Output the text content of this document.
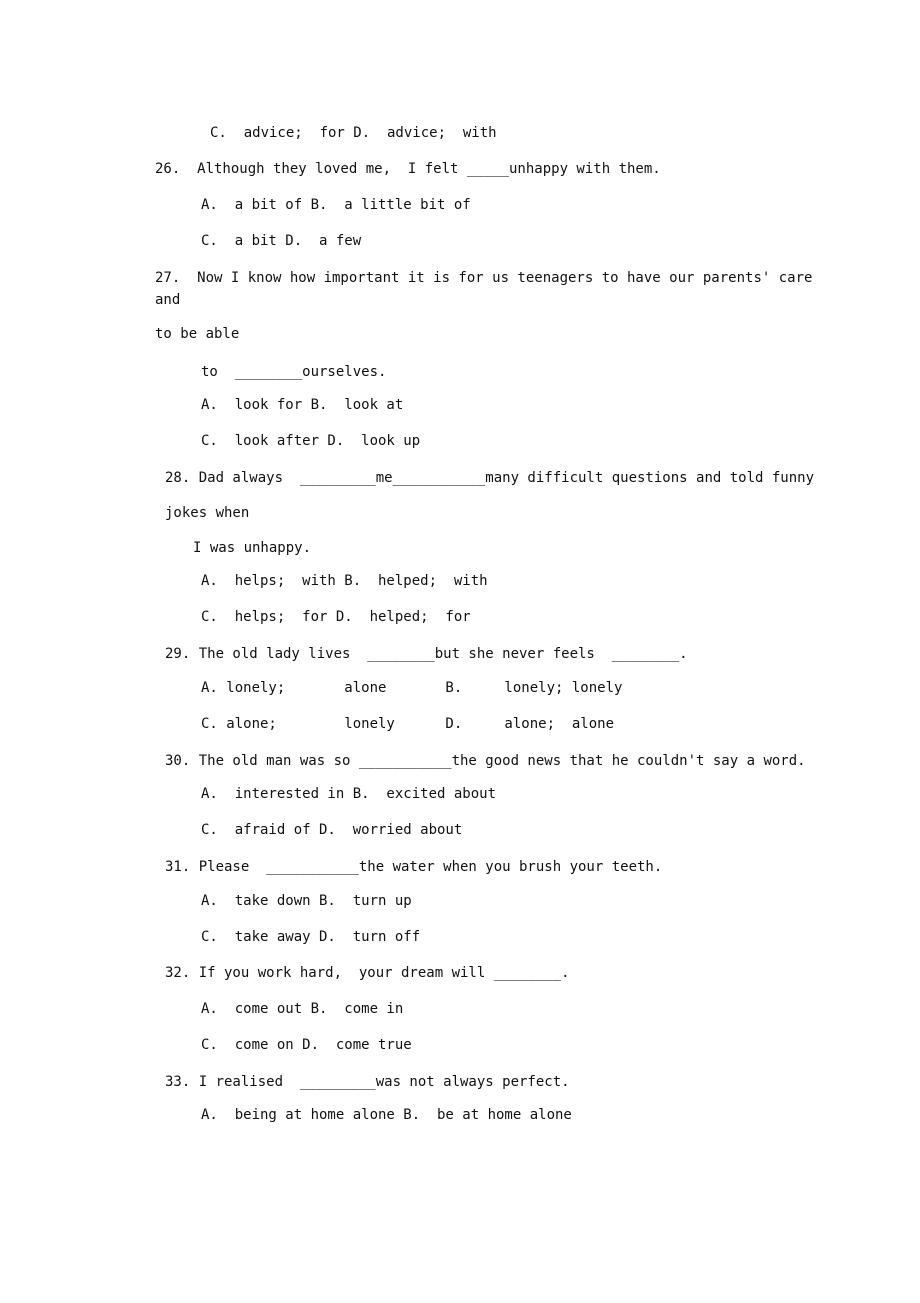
C.  advice;  for D.  advice;  with
26.  Although they loved me,  I felt _____unhappy with them.
A.  a bit of B.  a little bit of
C.  a bit D.  a few
27.  Now I know how important it is for us teenagers to have our parents' care
and
to be able
to  ________ourselves.
A.  look for B.  look at
C.  look after D.  look up
28. Dad always  _________me___________many difficult questions and told funny
jokes when
I was unhappy.
A.  helps;  with B.  helped;  with
C.  helps;  for D.  helped;  for
29. The old lady lives  ________but she never feels  ________.
A. lonely;       alone       B.     lonely; lonely
C. alone;        lonely      D.     alone;  alone
30. The old man was so ___________the good news that he couldn't say a word.
A.  interested in B.  excited about
C.  afraid of D.  worried about
31. Please  ___________the water when you brush your teeth.
A.  take down B.  turn up
C.  take away D.  turn off
32. If you work hard,  your dream will ________.
A.  come out B.  come in
C.  come on D.  come true
33. I realised  _________was not always perfect.
A.  being at home alone B.  be at home alone
